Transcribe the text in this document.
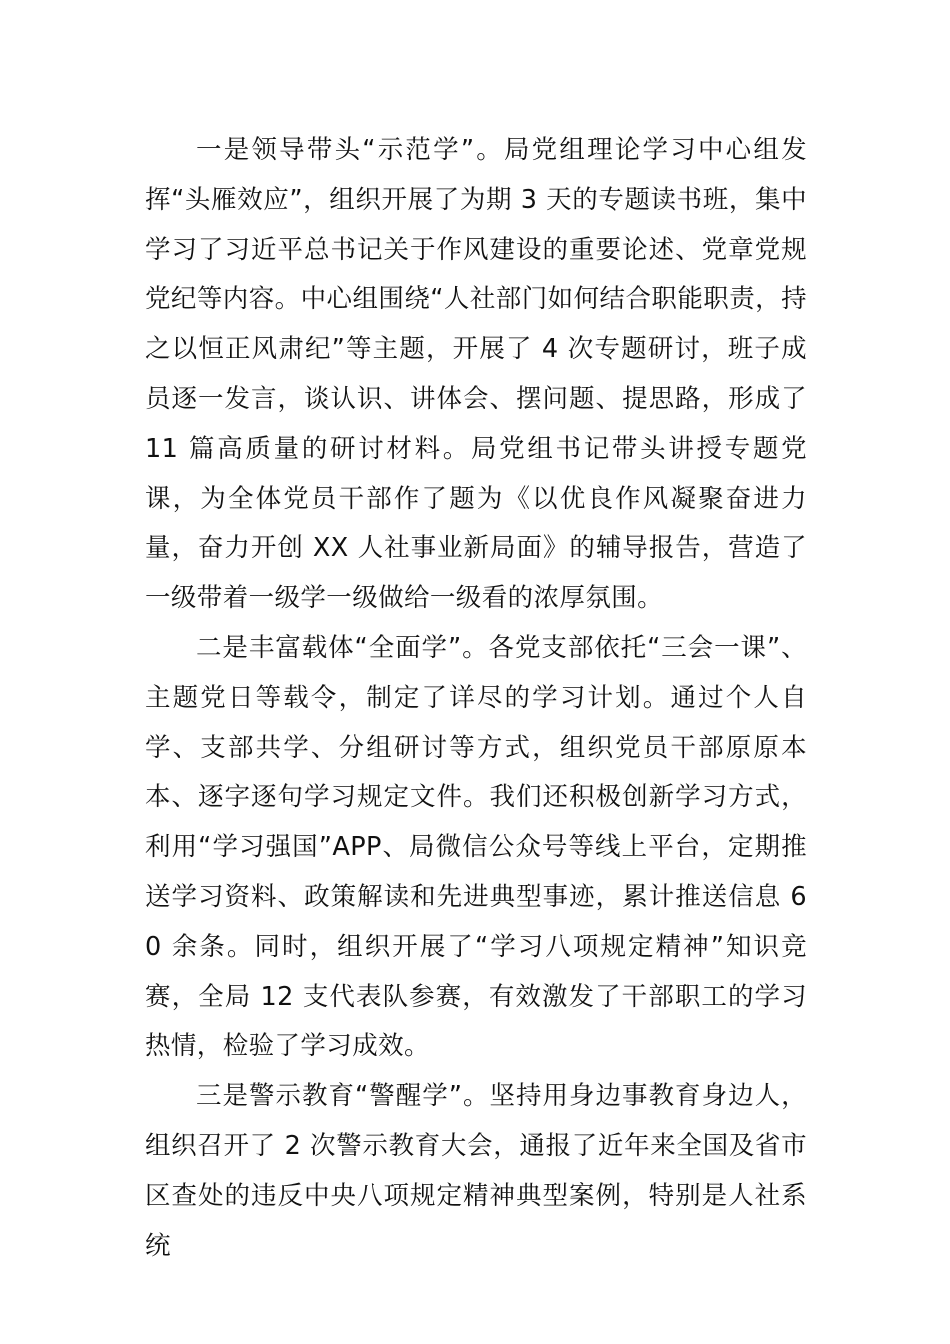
一是领导带头“示范学”。局党组理论学习中心组发挥“头雁效应”，组织开展了为期 3 天的专题读书班，集中学习了习近平总书记关于作风建设的重要论述、党章党规党纪等内容。中心组围绕“人社部门如何结合职能职责，持之以恒正风肃纪”等主题，开展了 4 次专题研讨，班子成员逐一发言，谈认识、讲体会、摆问题、提思路，形成了 11 篇高质量的研讨材料。局党组书记带头讲授专题党课，为全体党员干部作了题为《以优良作风凝聚奋进力量，奋力开创 XX 人社事业新局面》的辅导报告，营造了一级带着一级学一级做给一级看的浓厚氛围。

二是丰富载体“全面学”。各党支部依托“三会一课”、主题党日等载令，制定了详尽的学习计划。通过个人自学、支部共学、分组研讨等方式，组织党员干部原原本本、逐字逐句学习规定文件。我们还积极创新学习方式，利用“学习强国”APP、局微信公众号等线上平台，定期推送学习资料、政策解读和先进典型事迹，累计推送信息 60 余条。同时，组织开展了“学习八项规定精神”知识竞赛，全局 12 支代表队参赛，有效激发了干部职工的学习热情，检验了学习成效。

三是警示教育“警醒学”。坚持用身边事教育身边人，组织召开了 2 次警示教育大会，通报了近年来全国及省市区查处的违反中央八项规定精神典型案例，特别是人社系统
